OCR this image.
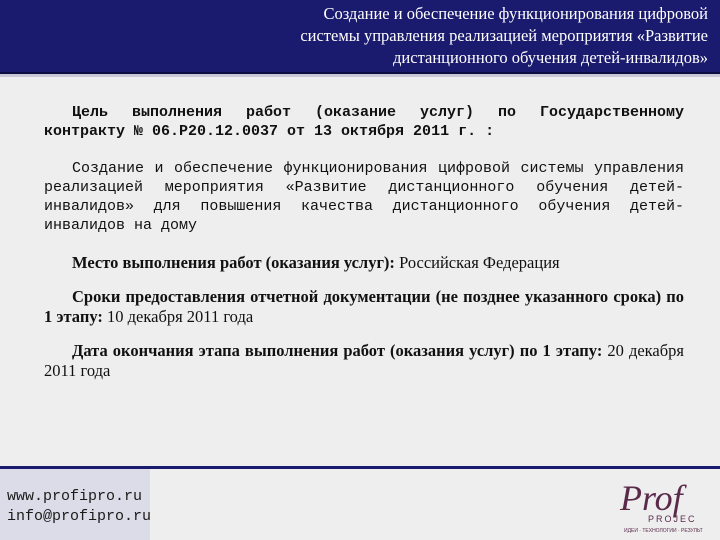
Создание и обеспечение функционирования цифровой
системы управления реализацией мероприятия «Развитие
дистанционного обучения детей-инвалидов»
Цель выполнения работ (оказание услуг) по Государственному контракту № 06.Р20.12.0037 от 13 октября 2011 г. :
Создание и обеспечение функционирования цифровой системы управления реализацией мероприятия «Развитие дистанционного обучения детей-инвалидов» для повышения качества дистанционного обучения детей-инвалидов на дому
Место выполнения работ (оказания услуг): Российская Федерация
Сроки предоставления отчетной документации (не позднее указанного срока) по 1 этапу: 10 декабря 2011 года
Дата окончания этапа выполнения работ (оказания услуг) по 1 этапу: 20 декабря 2011 года
www.profipro.ru
info@profipro.ru	Prof
PROJEC
ИДЕИ · ТЕХНОЛОГИИ · РЕЗУЛЬТ
